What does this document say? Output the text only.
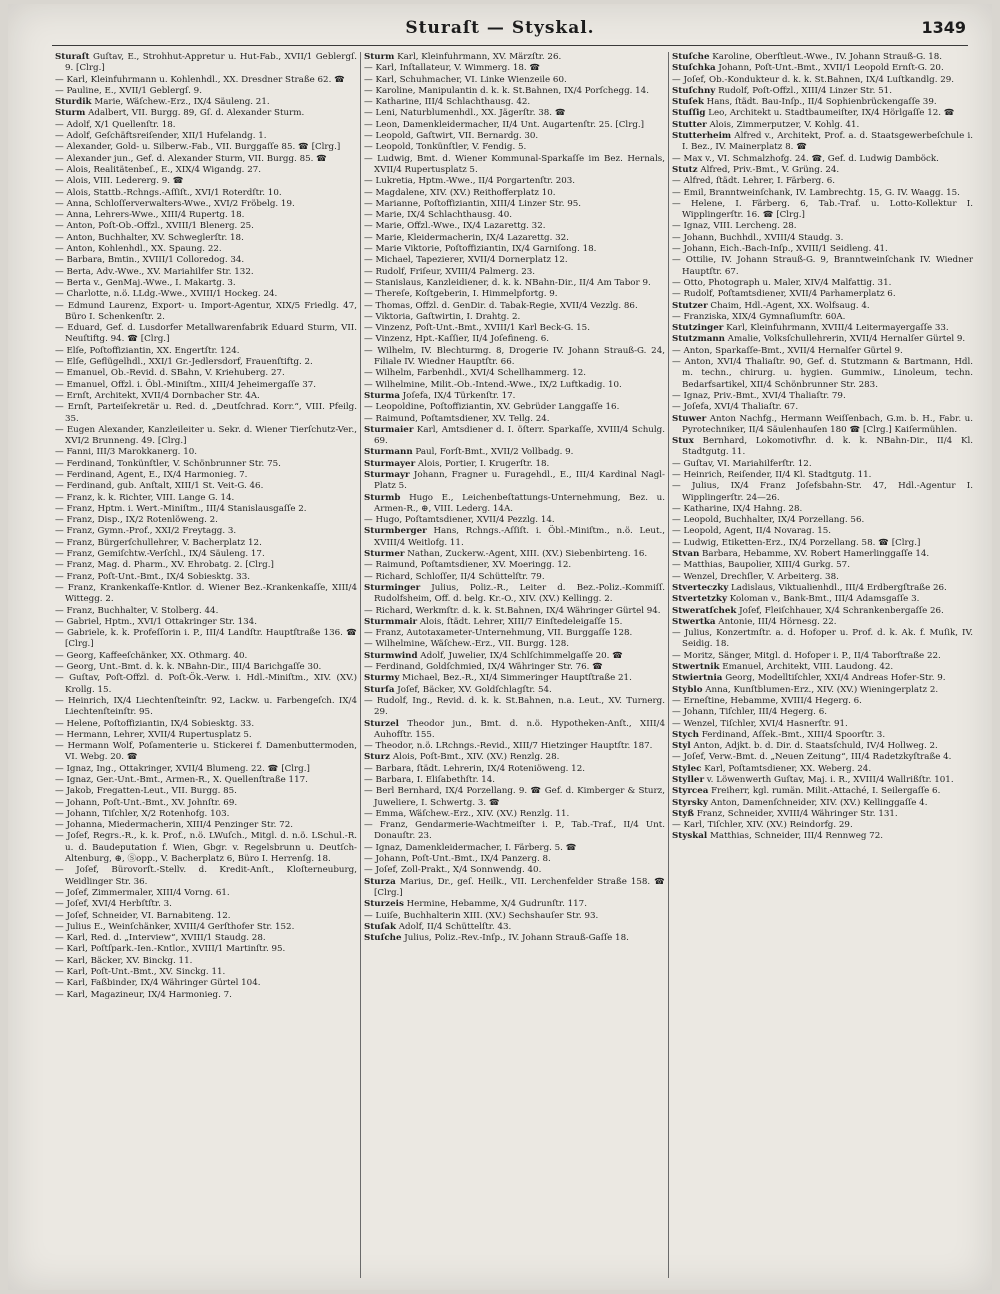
Sturaſt — Styskal.	1349

Sturaſt Guſtav, E., Strohhut-Appretur u. Hut-Fab., XVII/1 Geblergſ. 9. [Clrg.]

— Karl, Kleinfuhrmann u. Kohlenhdl., XX. Dresdner Straße 62. ☎

— Pauline, E., XVII/1 Geblergſ. 9.

Sturdik Marie, Wäſchew.-Erz., IX/4 Säuleng. 21.

Sturm Adalbert, VII. Burgg. 89, Gſ. d. Alexander Sturm.

— Adolf, X/1 Quellenſtr. 18.

— Adolf, Geſchäftsreiſender, XII/1 Hufelandg. 1.

— Alexander, Gold- u. Silberw.-Fab., VII. Burggaſſe 85. ☎ [Clrg.]

— Alexander jun., Gef. d. Alexander Sturm, VII. Burgg. 85. ☎

— Alois, Realitätenbeſ., E., XIX/4 Wigandg. 27.

— Alois, VIII. Ledererg. 9. ☎

— Alois, Stattb.-Rchngs.-Aſſiſt., XVI/1 Roterdſtr. 10.

— Anna, Schloſſerverwalters-Wwe., XVI/2 Fröbelg. 19.

— Anna, Lehrers-Wwe., XIII/4 Rupertg. 18.

— Anton, Poſt-Ob.-Offzl., XVIII/1 Blenerg. 25.

— Anton, Buchhalter, XV. Schweglerſtr. 18.

— Anton, Kohlenhdl., XX. Spaung. 22.

— Barbara, Bmtin., XVIII/1 Colloredog. 34.

— Berta, Adv.-Wwe., XV. Mariahilfer Str. 132.

— Berta v., GenMaj.-Wwe., I. Makartg. 3.

— Charlotte, n.ö. LLdg.-Wwe., XVIII/1 Hockeg. 24.

— Edmund Laurenz, Export- u. Import-Agentur, XIX/5 Friedlg. 47, Büro I. Schenkenſtr. 2.

— Eduard, Gef. d. Lusdorfer Metallwarenfabrik Eduard Sturm, VII. Neuſtiftg. 94. ☎ [Clrg.]

— Elſe, Poſtoffiziantin, XX. Engertſtr. 124.

— Elſe, Geflügelhdl., XXI/1 Gr.-Jedlersdorf, Frauenſtiftg. 2.

— Emanuel, Ob.-Revid. d. SBahn, V. Kriehuberg. 27.

— Emanuel, Offzl. i. Öbl.-Miniſtm., XIII/4 Jeheimergaſſe 37.

— Ernſt, Architekt, XVII/4 Dornbacher Str. 4A.

— Ernſt, Parteiſekretär u. Red. d. „Deutſchrad. Korr.“, VIII. Pfeilg. 35.

— Eugen Alexander, Kanzleileiter u. Sekr. d. Wiener Tierſchutz-Ver., XVI/2 Brunneng. 49. [Clrg.]

— Fanni, III/3 Marokkanerg. 10.

— Ferdinand, Tonkünſtler, V. Schönbrunner Str. 75.

— Ferdinand, Agent, E., IX/4 Harmonieg. 7.

— Ferdinand, gub. Anſtalt, XIII/1 St. Veit-G. 46.

— Franz, k. k. Richter, VIII. Lange G. 14.

— Franz, Hptm. i. Wert.-Miniſtm., III/4 Stanislausgaſſe 2.

— Franz, Disp., IX/2 Rotenlöweng. 2.

— Franz, Gymn.-Prof., XXI/2 Freytagg. 3.

— Franz, Bürgerſchullehrer, V. Bacherplatz 12.

— Franz, Gemiſchtw.-Verſchl., IX/4 Säuleng. 17.

— Franz, Mag. d. Pharm., XV. Ehrobatg. 2. [Clrg.]

— Franz, Poſt-Unt.-Bmt., IX/4 Sobiesktg. 33.

— Franz, Krankenkaſſe-Kntlor. d. Wiener Bez.-Krankenkaſſe, XIII/4 Wittegg. 2.

— Franz, Buchhalter, V. Stolberg. 44.

— Gabriel, Hptm., XVI/1 Ottakringer Str. 134.

— Gabriele, k. k. Profeſſorin i. P., III/4 Landſtr. Hauptſtraße 136. ☎ [Clrg.]

— Georg, Kaffeeſchänker, XX. Othmarg. 40.

— Georg, Unt.-Bmt. d. k. k. NBahn-Dir., III/4 Barichgaſſe 30.

— Guſtav, Poſt-Offzl. d. Poſt-Ök.-Verw. i. Hdl.-Miniſtm., XIV. (XV.) Krollg. 15.

— Heinrich, IX/4 Liechtenſteinſtr. 92, Lackw. u. Farbengeſch. IX/4 Liechtenſteinſtr. 95.

— Helene, Poſtoffiziantin, IX/4 Sobiesktg. 33.

— Hermann, Lehrer, XVII/4 Rupertusplatz 5.

— Hermann Wolf, Poſamenterie u. Stickerei f. Damenbuttermoden, VI. Webg. 20. ☎

— Ignaz, Ing., Ottakringer, XVII/4 Blumeng. 22. ☎ [Clrg.]

— Ignaz, Ger.-Unt.-Bmt., Armen-R., X. Quellenſtraße 117.

— Jakob, Fregatten-Leut., VII. Burgg. 85.

— Johann, Poſt-Unt.-Bmt., XV. Johnſtr. 69.

— Johann, Tiſchler, X/2 Rotenhofg. 103.

— Johanna, Miedermacherin, XIII/4 Penzinger Str. 72.

— Joſef, Regrs.-R., k. k. Prof., n.ö. LWuſch., Mitgl. d. n.ö. LSchul.-R. u. d. Baudeputation f. Wien, Gbgr. v. Regelsbrunn u. Deutſch-Altenburg, ⊕, Ⓢopp., V. Bacherplatz 6, Büro I. Herrenſg. 18.

— Joſef, Bürovorſt.-Stellv. d. Kredit-Anſt., Kloſterneuburg, Weidlinger Str. 36.

— Joſef, Zimmermaler, XIII/4 Vorng. 61.

— Joſef, XVI/4 Herbſtſtr. 3.

— Joſef, Schneider, VI. Barnabiteng. 12.

— Julius E., Weinſchänker, XVIII/4 Gerſthofer Str. 152.

— Karl, Red. d. „Interview“, XVIII/1 Staudg. 28.

— Karl, Poſtſpark.-Ien.-Kntlor., XVIII/1 Martinſtr. 95.

— Karl, Bäcker, XV. Binckg. 11.

— Karl, Poſt-Unt.-Bmt., XV. Sinckg. 11.

— Karl, Faßbinder, IX/4 Währinger Gürtel 104.

— Karl, Magazineur, IX/4 Harmonieg. 7.

Sturm Karl, Kleinfuhrmann, XV. Märzſtr. 26.

— Karl, Inſtallateur, V. Wimmerg. 18. ☎

— Karl, Schuhmacher, VI. Linke Wienzeile 60.

— Karoline, Manipulantin d. k. k. St.Bahnen, IX/4 Porſchegg. 14.

— Katharine, III/4 Schlachthausg. 42.

— Leni, Naturblumenhdl., XX. Jägerſtr. 38. ☎

— Leon, Damenkleidermacher, II/4 Unt. Augartenſtr. 25. [Clrg.]

— Leopold, Gaſtwirt, VII. Bernardg. 30.

— Leopold, Tonkünſtler, V. Fendig. 5.

— Ludwig, Bmt. d. Wiener Kommunal-Sparkaſſe im Bez. Hernals, XVII/4 Rupertusplatz 5.

— Lukretia, Hptm.-Wwe., II/4 Porgartenſtr. 203.

— Magdalene, XIV. (XV.) Reithofferplatz 10.

— Marianne, Poſtoffiziantin, XIII/4 Linzer Str. 95.

— Marie, IX/4 Schlachthausg. 40.

— Marie, Offzl.-Wwe., IX/4 Lazarettg. 32.

— Marie, Kleidermacherin, IX/4 Lazarettg. 32.

— Marie Viktorie, Poſtoffiziantin, IX/4 Garniſong. 18.

— Michael, Tapezierer, XVII/4 Dornerplatz 12.

— Rudolf, Friſeur, XVIII/4 Palmerg. 23.

— Stanislaus, Kanzleidiener, d. k. k. NBahn-Dir., II/4 Am Tabor 9.

— Thereſe, Koſtgeberin, I. Himmelpfortg. 9.

— Thomas, Offzl. d. GenDir. d. Tabak-Regie, XVII/4 Vezzlg. 86.

— Viktoria, Gaſtwirtin, I. Drahtg. 2.

— Vinzenz, Poſt-Unt.-Bmt., XVIII/1 Karl Beck-G. 15.

— Vinzenz, Hpt.-Kaſſier, II/4 Joſefineng. 6.

— Wilhelm, IV. Blechturmg. 8, Drogerie IV. Johann Strauß-G. 24, Filiale IV. Wiedner Hauptſtr. 66.

— Wilhelm, Farbenhdl., XVI/4 Schellhammerg. 12.

— Wilhelmine, Milit.-Ob.-Intend.-Wwe., IX/2 Luftkadig. 10.

Sturma Joſefa, IX/4 Türkenſtr. 17.

— Leopoldine, Poſtoffiziantin, XV. Gebrüder Langgaſſe 16.

— Raimund, Poſtamtsdiener, XV. Tellg. 24.

Sturmaier Karl, Amtsdiener d. I. öſterr. Sparkaſſe, XVIII/4 Schulg. 69.

Sturmann Paul, Forſt-Bmt., XVII/2 Vollbadg. 9.

Sturmayer Alois, Portier, I. Krugerſtr. 18.

Sturmayr Johann, Fragner u. Furagehdl., E., III/4 Kardinal Nagl-Platz 5.

Sturmb Hugo E., Leichenbeſtattungs-Unternehmung, Bez. u. Armen-R., ⊕, VIII. Lederg. 14A.

— Hugo, Poſtamtsdiener, XVII/4 Pezzlg. 14.

Sturmberger Hans, Rchngs.-Aſſiſt. i. Öbl.-Miniſtm., n.ö. Leut., XVIII/4 Weitlofg. 11.

Sturmer Nathan, Zuckerw.-Agent, XIII. (XV.) Siebenbirteng. 16.

— Raimund, Poſtamtsdiener, XV. Moeringg. 12.

— Richard, Schloſſer, II/4 Schüttelſtr. 79.

Sturminger Julius, Poliz.-R., Leiter d. Bez.-Poliz.-Kommiſſ. Rudolfsheim, Off. d. belg. Kr.-O., XIV. (XV.) Kellingg. 2.

— Richard, Werkmſtr. d. k. k. St.Bahnen, IX/4 Währinger Gürtel 94.

Sturmmair Alois, ſtädt. Lehrer, XIII/7 Einſtedeleigaſſe 15.

— Franz, Autotaxameter-Unternehmung, VII. Burggaſſe 128.

— Wilhelmine, Wäſchew.-Erz., VII. Burgg. 128.

Sturmwind Adolf, Juwelier, IX/4 Schlſchimmelgaſſe 20. ☎

— Ferdinand, Goldſchmied, IX/4 Währinger Str. 76. ☎

Sturmy Michael, Bez.-R., XI/4 Simmeringer Hauptſtraße 21.

Sturſa Joſef, Bäcker, XV. Goldſchlagſtr. 54.

— Rudolf, Ing., Revid. d. k. k. St.Bahnen, n.a. Leut., XV. Turnerg. 29.

Sturzel Theodor jun., Bmt. d. n.ö. Hypotheken-Anſt., XIII/4 Auhofſtr. 155.

— Theodor, n.ö. LRchngs.-Revid., XIII/7 Hietzinger Hauptſtr. 187.

Sturz Alois, Poſt-Bmt., XIV. (XV.) Renzlg. 28.

— Barbara, ſtädt. Lehrerin, IX/4 Roteniöweng. 12.

— Barbara, I. Eliſabethſtr. 14.

— Berl Bernhard, IX/4 Porzellang. 9. ☎ Gef. d. Kimberger & Sturz, Juweliere, I. Schwertg. 3. ☎

— Emma, Wäſchew.-Erz., XIV. (XV.) Renzlg. 11.

— Franz, Gendarmerie-Wachtmeiſter i. P., Tab.-Traf., II/4 Unt. Donauſtr. 23.

— Ignaz, Damenkleidermacher, I. Färberg. 5. ☎

— Johann, Poſt-Unt.-Bmt., IX/4 Panzerg. 8.

— Joſef, Zoll-Prakt., X/4 Sonnwendg. 40.

Sturza Marius, Dr., geſ. Heilk., VII. Lerchenfelder Straße 158. ☎ [Clrg.]

Sturzeis Hermine, Hebamme, X/4 Gudrunſtr. 117.

— Luiſe, Buchhalterin XIII. (XV.) Sechshauſer Str. 93.

Stuſak Adolf, II/4 Schüttelſtr. 43.

Stuſche Julius, Poliz.-Rev.-Inſp., IV. Johann Strauß-Gaſſe 18.

Stuſche Karoline, Oberſtleut.-Wwe., IV. Johann Strauß-G. 18.

Stuſchka Johann, Poſt-Unt.-Bmt., XVII/1 Leopold Ernſt-G. 20.

— Joſef, Ob.-Kondukteur d. k. k. St.Bahnen, IX/4 Luſtkandlg. 29.

Stuſchny Rudolf, Poſt-Offzl., XIII/4 Linzer Str. 51.

Stuſek Hans, ſtädt. Bau-Inſp., II/4 Sophienbrückengaſſe 39.

Stuſſig Leo, Architekt u. Stadtbaumeiſter, IX/4 Hörlgaſſe 12. ☎

Stutter Alois, Zimmerputzer, V. Kohlg. 41.

Stutterheim Alfred v., Architekt, Prof. a. d. Staatsgewerbeſchule i. I. Bez., IV. Mainerplatz 8. ☎

— Max v., VI. Schmalzhofg. 24. ☎, Gef. d. Ludwig Damböck.

Stutz Alfred, Priv.-Bmt., V. Grüng. 24.

— Alfred, ſtädt. Lehrer, I. Färberg. 6.

— Emil, Branntweinſchank, IV. Lambrechtg. 15, G. IV. Waagg. 15.

— Helene, I. Färberg. 6, Tab.-Traf. u. Lotto-Kollektur I. Wipplingerſtr. 16. ☎ [Clrg.]

— Ignaz, VIII. Lercheng. 28.

— Johann, Buchhdl., XVIII/4 Staudg. 3.

— Johann, Eich.-Bach-Inſp., XVIII/1 Seidleng. 41.

— Ottilie, IV. Johann Strauß-G. 9, Branntweinſchank IV. Wiedner Hauptſtr. 67.

— Otto, Photograph u. Maler, XIV/4 Malfattig. 31.

— Rudolf, Poſtamtsdiener, XVII/4 Parhamerplatz 6.

Stutzer Chaim, Hdl.-Agent, XX. Wolfsaug. 4.

— Franziska, XIX/4 Gymnaſiumſtr. 60A.

Stutzinger Karl, Kleinfuhrmann, XVIII/4 Leitermayergaſſe 33.

Stutzmann Amalie, Volksſchullehrerin, XVII/4 Hernalſer Gürtel 9.

— Anton, Sparkaſſe-Bmt., XVII/4 Hernalſer Gürtel 9.

— Anton, XVI/4 Thaliaſtr. 90, Gef. d. Stutzmann & Bartmann, Hdl. m. techn., chirurg. u. hygien. Gummiw., Linoleum, techn. Bedarfsartikel, XII/4 Schönbrunner Str. 283.

— Ignaz, Priv.-Bmt., XVI/4 Thaliaſtr. 79.

— Joſefa, XVI/4 Thaliaſtr. 67.

Stuwer Anton Nachfg., Hermann Weiſſenbach, G.m. b. H., Fabr. u. Pyrotechniker, II/4 Säulenhauſen 180 ☎ [Clrg.] Kaiſermühlen.

Stux Bernhard, Lokomotivfhr. d. k. k. NBahn-Dir., II/4 Kl. Stadtgutg. 11.

— Guſtav, VI. Mariahilferſtr. 12.

— Heinrich, Reiſender, II/4 Kl. Stadtgutg. 11.

— Julius, IX/4 Franz Joſefsbahn-Str. 47, Hdl.-Agentur I. Wipplingerſtr. 24—26.

— Katharine, IX/4 Hahng. 28.

— Leopold, Buchhalter, IX/4 Porzellang. 56.

— Leopold, Agent, II/4 Novarag. 15.

— Ludwig, Etiketten-Erz., IX/4 Porzellang. 58. ☎ [Clrg.]

Stvan Barbara, Hebamme, XV. Robert Hamerlinggaſſe 14.

— Matthias, Baupolier, XIII/4 Gurkg. 57.

— Wenzel, Drechſler, V. Arbeiterg. 38.

Stverteczky Ladislaus, Viktualienhdl., III/4 Erdbergſtraße 26.

Stvertetzky Koloman v., Bank-Bmt., III/4 Adamsgaſſe 3.

Stweratſchek Joſef, Fleiſchhauer, X/4 Schrankenbergaſſe 26.

Stwertka Antonie, III/4 Hörnesg. 22.

— Julius, Konzertmſtr. a. d. Hofoper u. Prof. d. k. Ak. f. Muſik, IV. Seidig. 18.

— Moritz, Sänger, Mitgl. d. Hofoper i. P., II/4 Taborſtraße 22.

Stwertnik Emanuel, Architekt, VIII. Laudong. 42.

Stwiertnia Georg, Modelltiſchler, XXI/4 Andreas Hofer-Str. 9.

Styblo Anna, Kunſtblumen-Erz., XIV. (XV.) Wieningerplatz 2.

— Erneſtine, Hebamme, XVIII/4 Hegerg. 6.

— Johann, Tiſchler, III/4 Hegerg. 6.

— Wenzel, Tiſchler, XVI/4 Hasnerſtr. 91.

Stych Ferdinand, Aſſek.-Bmt., XIII/4 Spoorſtr. 3.

Styl Anton, Adjkt. b. d. Dir. d. Staatsſchuld, IV/4 Hollweg. 2.

— Joſef, Verw.-Bmt. d. „Neuen Zeitung“, III/4 Radetzkyſtraße 4.

Stylec Karl, Poſtamtsdiener, XX. Weberg. 24.

Styller v. Löwenwerth Guſtav, Maj. i. R., XVIII/4 Wallrißſtr. 101.

Styrcea Freiherr, kgl. rumän. Milit.-Attaché, I. Seilergaſſe 6.

Styrsky Anton, Damenſchneider, XIV. (XV.) Kellinggaſſe 4.

Styß Franz, Schneider, XVIII/4 Währinger Str. 131.

— Karl, Tiſchler, XIV. (XV.) Reindorfg. 29.

Styskal Matthias, Schneider, III/4 Rennweg 72.
